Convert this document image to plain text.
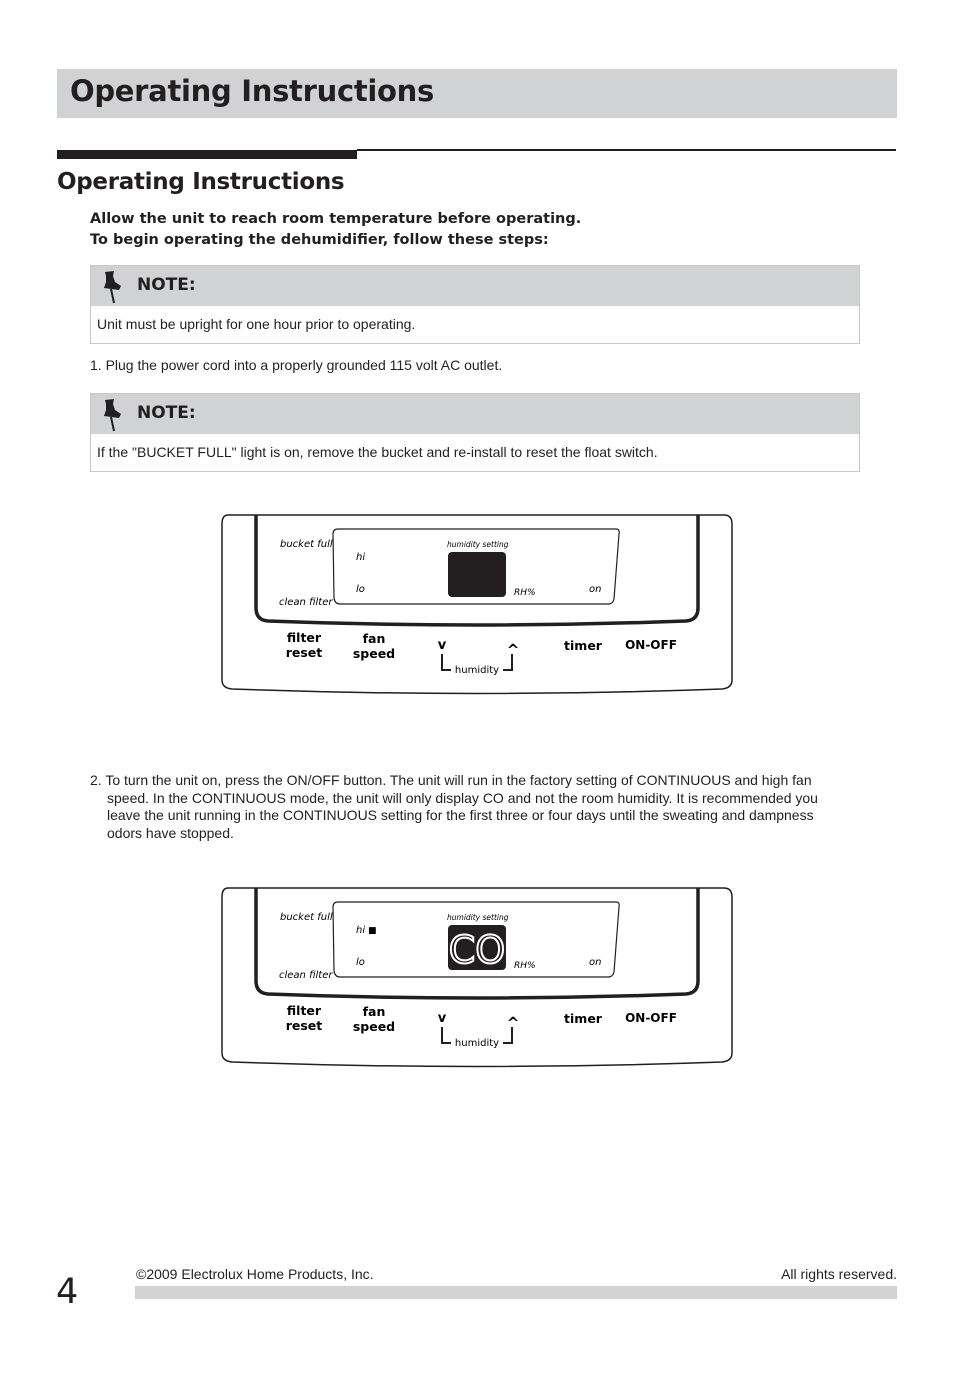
Operating Instructions
Operating Instructions
Allow the unit to reach room temperature before operating.
To begin operating the dehumidifier, follow these steps:
NOTE:
Unit must be upright for one hour prior to operating.
1. Plug the power cord into a properly grounded 115 volt AC outlet.
NOTE:
If the "BUCKET FULL" light is on, remove the bucket and re-install to reset the float switch.
bucket full
clean filter
hi
lo
humidity setting
RH%	on
filter
reset
fan
speed
v	^
humidity
timer ON-OFF
2. To turn the unit on, press the ON/OFF button. The unit will run in the factory setting of CONTINUOUS and high fan
speed. In the CONTINUOUS mode, the unit will only display CO and not the room humidity. It is recommended you
leave the unit running in the CONTINUOUS setting for the first three or four days until the sweating and dampness
odors have stopped.
CO
bucket full
clean filter
hi ■
lo
humidity setting
RH%	on
filter
reset
fan
speed
v	^
humidity
timer ON-OFF
4	©2009 Electrolux Home Products, Inc.	All rights reserved.
